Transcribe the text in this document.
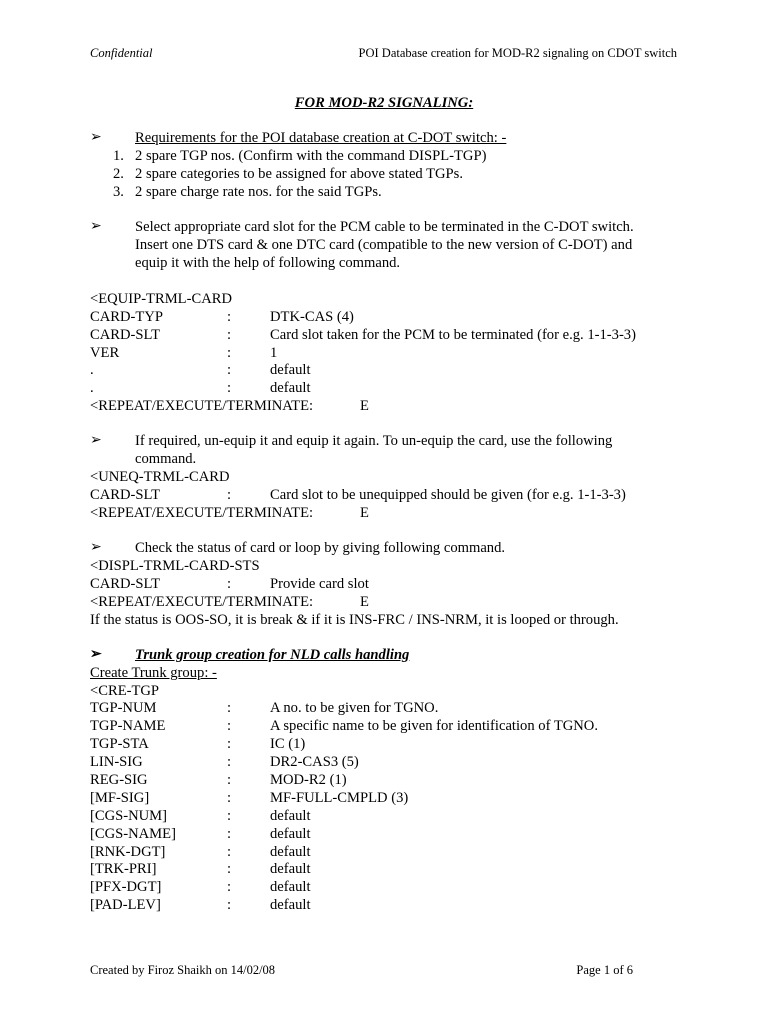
Confidential	POI Database creation for MOD-R2 signaling on CDOT switch
FOR MOD-R2 SIGNALING:
➢ Requirements for the POI database creation at C-DOT switch: -
1. 2 spare TGP nos. (Confirm with the command DISPL-TGP)
2. 2 spare categories to be assigned for above stated TGPs.
3. 2 spare charge rate nos. for the said TGPs.
➢ Select appropriate card slot for the PCM cable to be terminated in the C-DOT switch.
Insert one DTS card & one DTC card (compatible to the new version of C-DOT) and
equip it with the help of following command.
<EQUIP-TRML-CARD
CARD-TYP	:	DTK-CAS (4)
CARD-SLT	:	Card slot taken for the PCM to be terminated (for e.g. 1-1-3-3)
VER	:	1
.	:	default
.	:	default
<REPEAT/EXECUTE/TERMINATE:	E
➢ If required, un-equip it and equip it again. To un-equip the card, use the following
command.
<UNEQ-TRML-CARD
CARD-SLT	:	Card slot to be unequipped should be given (for e.g. 1-1-3-3)
<REPEAT/EXECUTE/TERMINATE:	E
➢ Check the status of card or loop by giving following command.
<DISPL-TRML-CARD-STS
CARD-SLT	:	Provide card slot
<REPEAT/EXECUTE/TERMINATE:	E
If the status is OOS-SO, it is break & if it is INS-FRC / INS-NRM, it is looped or through.
➢ Trunk group creation for NLD calls handling
Create Trunk group: -
<CRE-TGP
TGP-NUM	:	A no. to be given for TGNO.
TGP-NAME	:	A specific name to be given for identification of TGNO.
TGP-STA	:	IC (1)
LIN-SIG	:	DR2-CAS3 (5)
REG-SIG	:	MOD-R2 (1)
[MF-SIG]	:	MF-FULL-CMPLD (3)
[CGS-NUM]	:	default
[CGS-NAME]	:	default
[RNK-DGT]	:	default
[TRK-PRI]	:	default
[PFX-DGT]	:	default
[PAD-LEV]	:	default
Created by Firoz Shaikh on 14/02/08	Page 1 of 6
